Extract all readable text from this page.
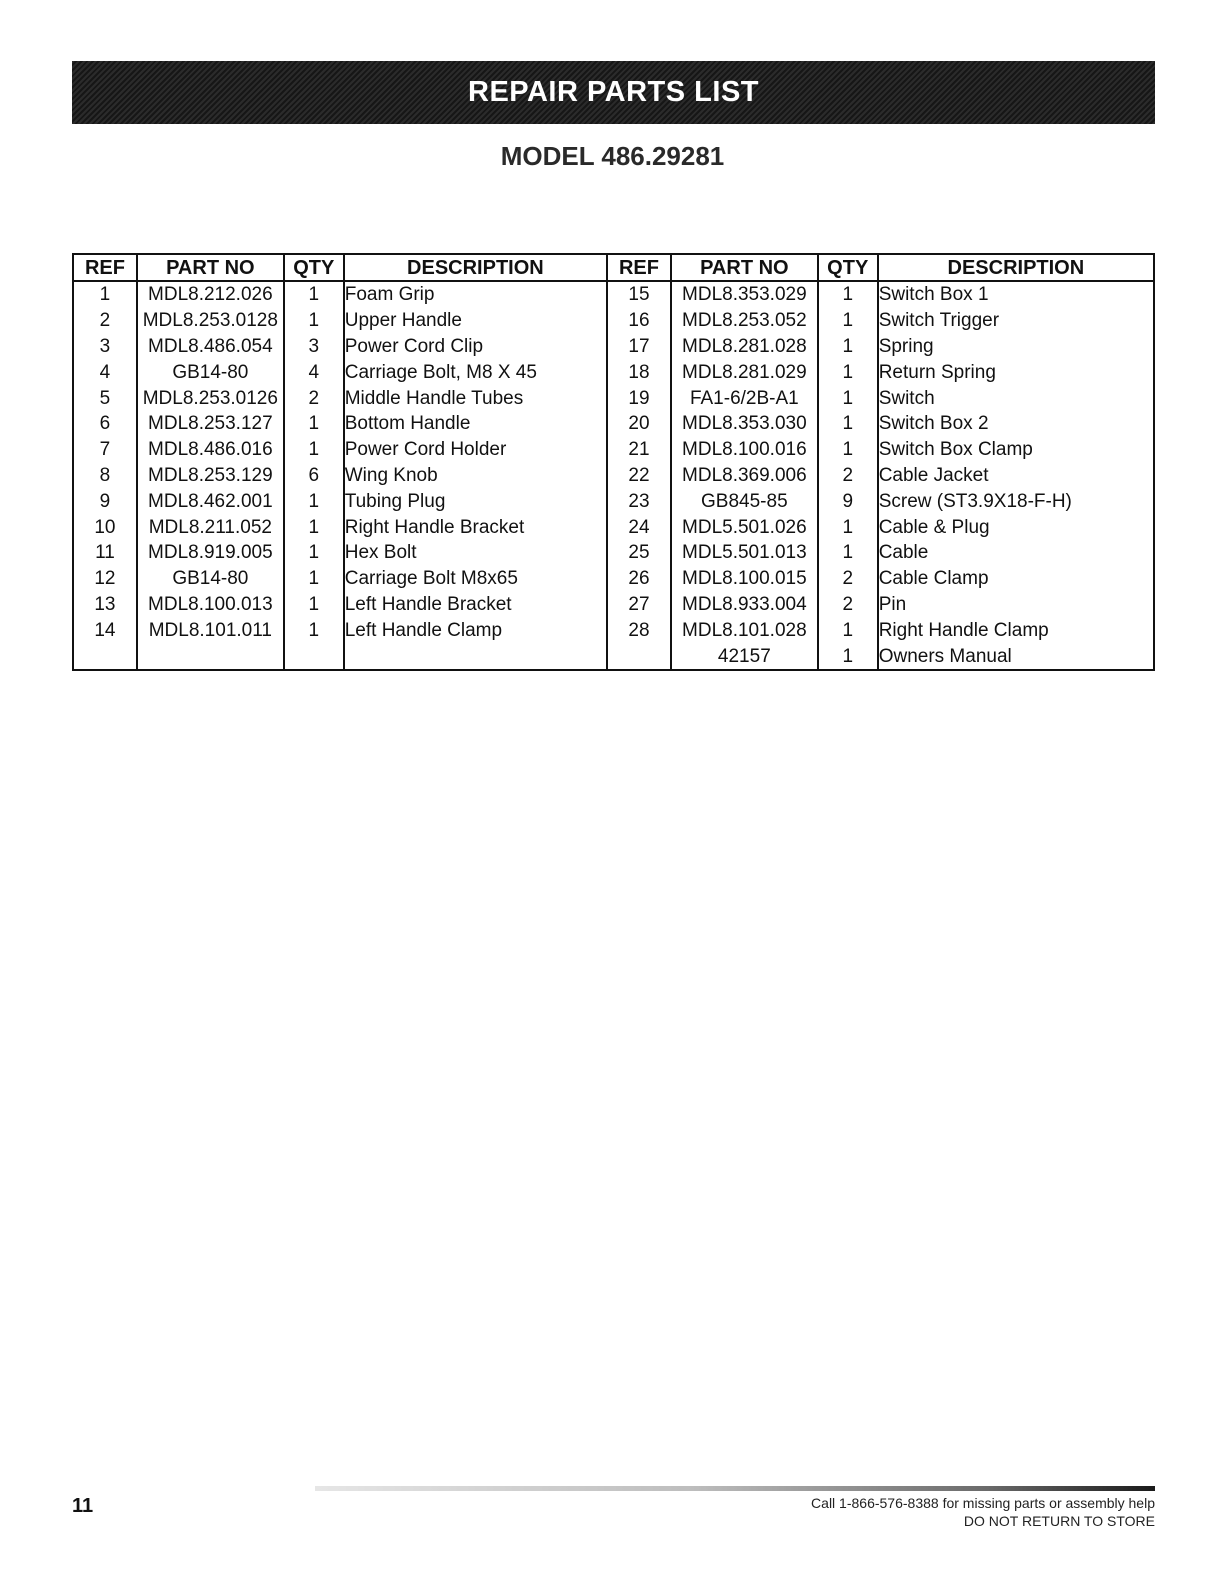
REPAIR PARTS LIST
MODEL 486.29281
REF	PART NO	QTY	DESCRIPTION	REF	PART NO	QTY	DESCRIPTION
1	MDL8.212.026	1	Foam Grip	15	MDL8.353.029	1	Switch Box 1
2	MDL8.253.0128	1	Upper Handle	16	MDL8.253.052	1	Switch Trigger
3	MDL8.486.054	3	Power Cord Clip	17	MDL8.281.028	1	Spring
4	GB14-80	4	Carriage Bolt, M8 X 45	18	MDL8.281.029	1	Return Spring
5	MDL8.253.0126	2	Middle Handle Tubes	19	FA1-6/2B-A1	1	Switch
6	MDL8.253.127	1	Bottom Handle	20	MDL8.353.030	1	Switch Box 2
7	MDL8.486.016	1	Power Cord Holder	21	MDL8.100.016	1	Switch Box Clamp
8	MDL8.253.129	6	Wing Knob	22	MDL8.369.006	2	Cable Jacket
9	MDL8.462.001	1	Tubing Plug	23	GB845-85	9	Screw (ST3.9X18-F-H)
10	MDL8.211.052	1	Right Handle Bracket	24	MDL5.501.026	1	Cable & Plug
11	MDL8.919.005	1	Hex Bolt	25	MDL5.501.013	1	Cable
12	GB14-80	1	Carriage Bolt M8x65	26	MDL8.100.015	2	Cable Clamp
13	MDL8.100.013	1	Left Handle Bracket	27	MDL8.933.004	2	Pin
14	MDL8.101.011	1	Left Handle Clamp	28	MDL8.101.028	1	Right Handle Clamp
					42157	1	Owners Manual
11	Call 1-866-576-8388 for missing parts or assembly help
DO NOT RETURN TO STORE
